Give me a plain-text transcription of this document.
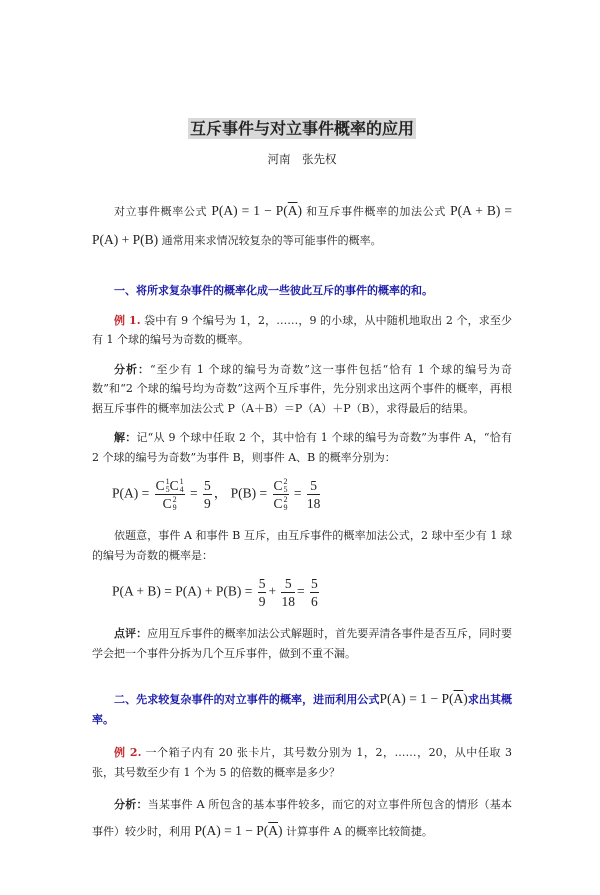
互斥事件与对立事件概率的应用
河南　张先权
对立事件概率公式 $P(A) = 1 - P(\overline{A})$ 和互斥事件概率的加法公式 P(A + B) = P(A) + P(B) 通常用来求情况较复杂的等可能事件的概率。
一、将所求复杂事件的概率化成一些彼此互斥的事件的概率的和。
例 1. 袋中有 9 个编号为 1，2，……，9 的小球，从中随机地取出 2 个，求至少有 1 个球的编号为奇数的概率。
分析：“至少有 1 个球的编号为奇数”这一事件包括“恰有 1 个球的编号为奇数”和“2 个球的编号均为奇数”这两个互斥事件，先分别求出这两个事件的概率，再根据互斥事件的概率加法公式 P（A＋B）＝P（A）＋P（B），求得最后的结果。
解：记“从 9 个球中任取 2 个，其中恰有 1 个球的编号为奇数”为事件 A，“恰有 2 个球的编号为奇数”为事件 B，则事件 A、B 的概率分别为：
P(A) = C 1
5 C 1
4
C 2
$9 = \frac{5}{9}$ ， P(B) = C 2
5
C 2
$9 = \frac{5}{18}$
依题意，事件 A 和事件 B 互斥，由互斥事件的概率加法公式，2 球中至少有 1 球的编号为奇数的概率是：
$P(A + B) = P(A) + P(B) = \frac{5}{9} + \frac{5}{18} = \frac{5}{6}$
点评：应用互斥事件的概率加法公式解题时，首先要弄清各事件是否互斥，同时要学会把一个事件分拆为几个互斥事件，做到不重不漏。
二、先求较复杂事件的对立事件的概率，进而利用公式$P(A) = 1 - P(\overline{A})$求出其概率。
例 2. 一个箱子内有 20 张卡片，其号数分别为 1，2，……，20，从中任取 3 张，其号数至少有 1 个为 5 的倍数的概率是多少？
分析：当某事件 A 所包含的基本事件较多，而它的对立事件所包含的情形（基本事件）较少时，利用 $P(A) = 1 - P(\overline{A})$ 计算事件 A 的概率比较简捷。
